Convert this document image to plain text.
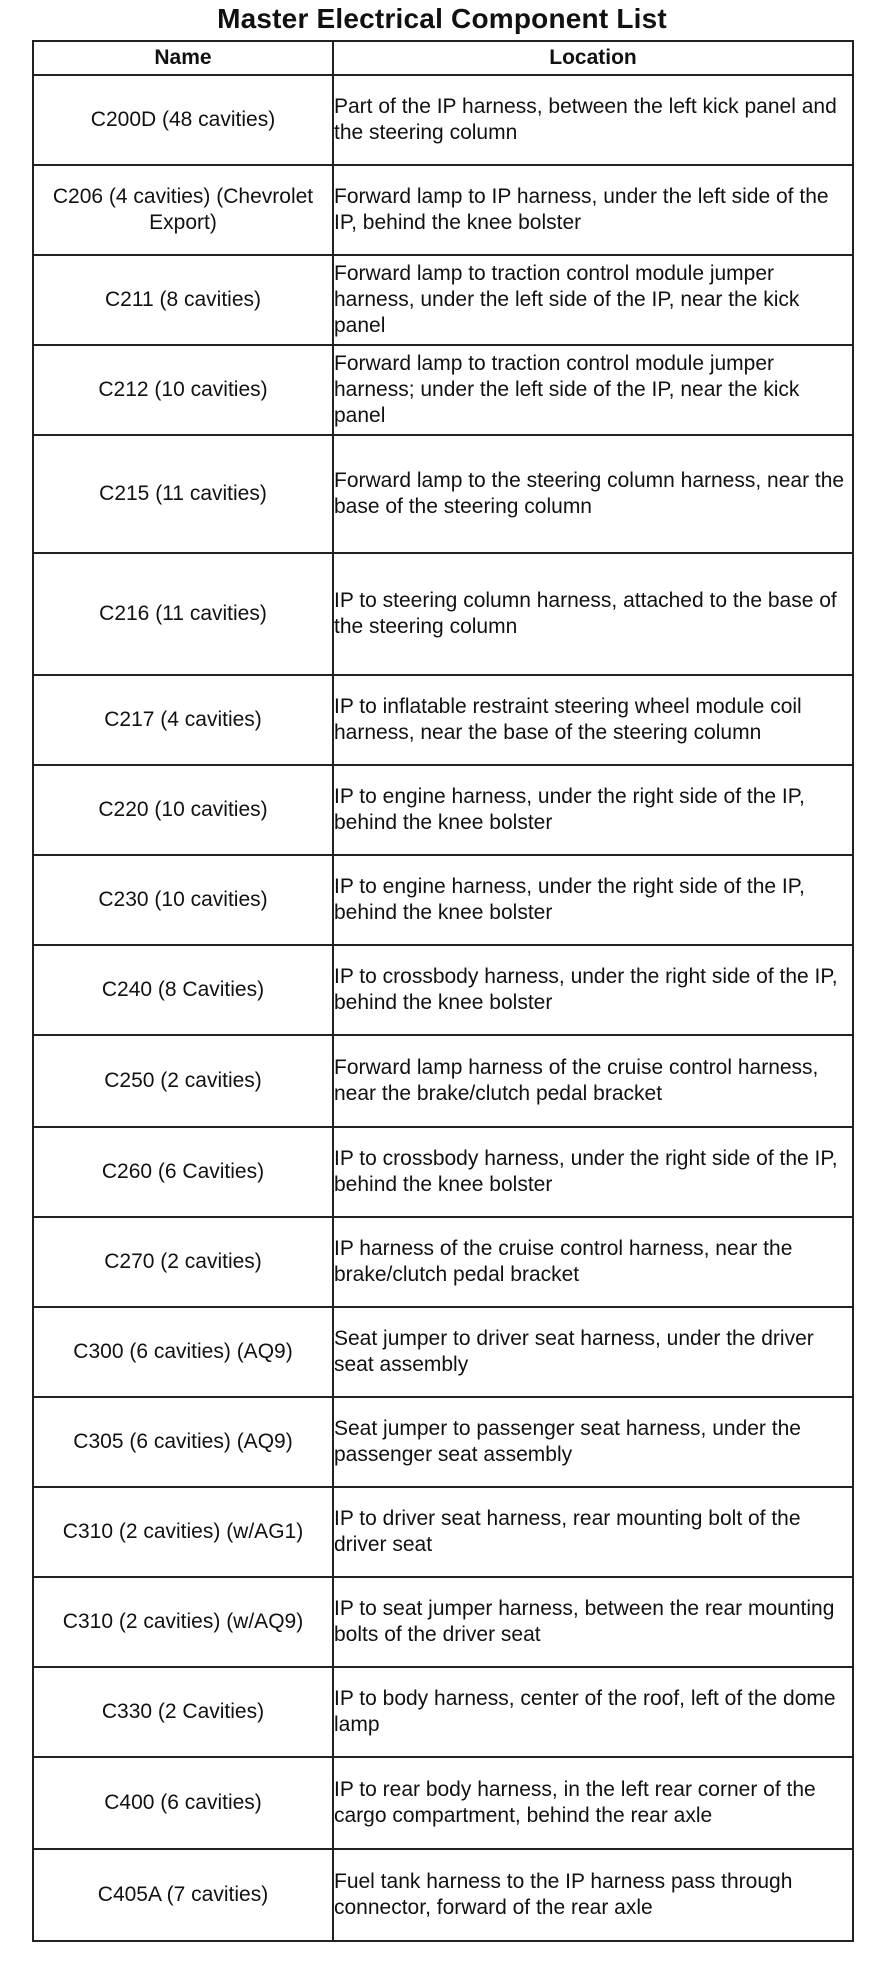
Master Electrical Component List
Name	Location
C200D (48 cavities)	Part of the IP harness, between the left kick panel and the steering column
C206 (4 cavities) (Chevrolet Export)	Forward lamp to IP harness, under the left side of the IP, behind the knee bolster
C211 (8 cavities)	Forward lamp to traction control module jumper harness, under the left side of the IP, near the kick panel
C212 (10 cavities)	Forward lamp to traction control module jumper harness; under the left side of the IP, near the kick panel
C215 (11 cavities)	Forward lamp to the steering column harness, near the base of the steering column
C216 (11 cavities)	IP to steering column harness, attached to the base of the steering column
C217 (4 cavities)	IP to inflatable restraint steering wheel module coil harness, near the base of the steering column
C220 (10 cavities)	IP to engine harness, under the right side of the IP, behind the knee bolster
C230 (10 cavities)	IP to engine harness, under the right side of the IP, behind the knee bolster
C240 (8 Cavities)	IP to crossbody harness, under the right side of the IP, behind the knee bolster
C250 (2 cavities)	Forward lamp harness of the cruise control harness, near the brake/clutch pedal bracket
C260 (6 Cavities)	IP to crossbody harness, under the right side of the IP, behind the knee bolster
C270 (2 cavities)	IP harness of the cruise control harness, near the brake/clutch pedal bracket
C300 (6 cavities) (AQ9)	Seat jumper to driver seat harness, under the driver seat assembly
C305 (6 cavities) (AQ9)	Seat jumper to passenger seat harness, under the passenger seat assembly
C310 (2 cavities) (w/AG1)	IP to driver seat harness, rear mounting bolt of the driver seat
C310 (2 cavities) (w/AQ9)	IP to seat jumper harness, between the rear mounting bolts of the driver seat
C330 (2 Cavities)	IP to body harness, center of the roof, left of the dome lamp
C400 (6 cavities)	IP to rear body harness, in the left rear corner of the cargo compartment, behind the rear axle
C405A (7 cavities)	Fuel tank harness to the IP harness pass through connector, forward of the rear axle
